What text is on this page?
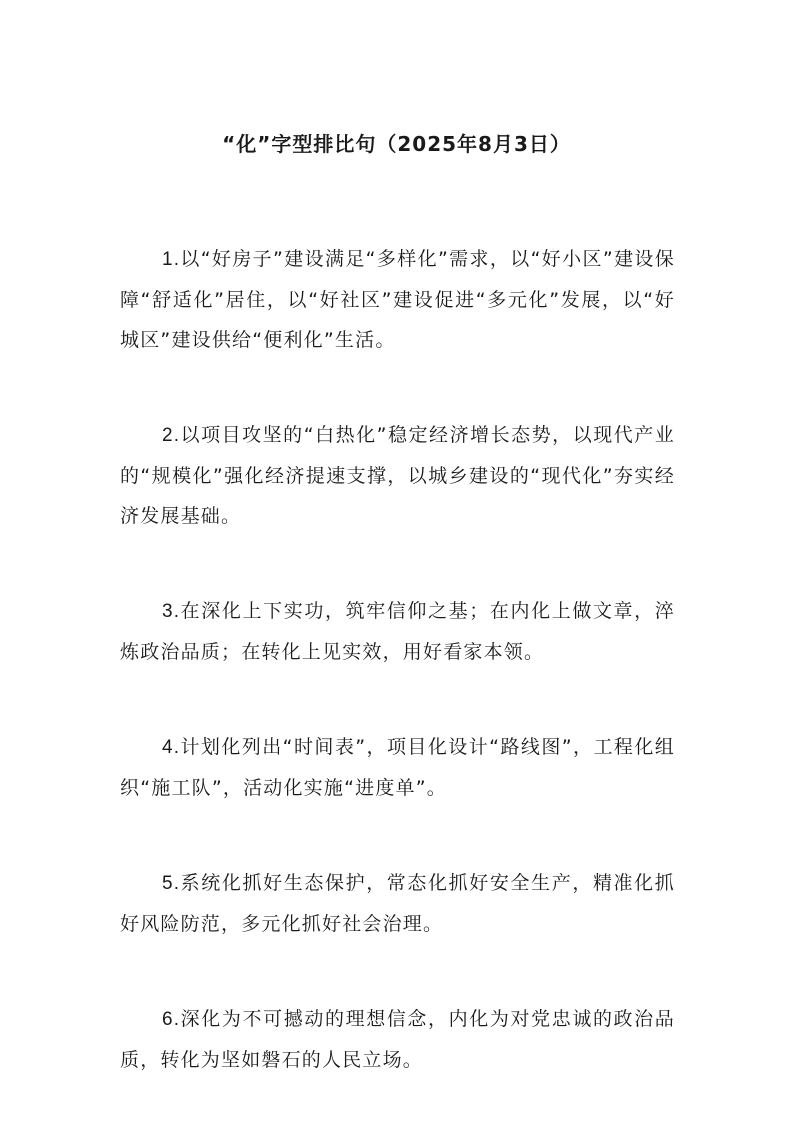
“化”字型排比句（2025年8月3日）

1.以“好房子”建设满足“多样化”需求，以“好小区”建设保障“舒适化”居住，以“好社区”建设促进“多元化”发展，以“好城区”建设供给“便利化”生活。

2.以项目攻坚的“白热化”稳定经济增长态势，以现代产业的“规模化”强化经济提速支撑，以城乡建设的“现代化”夯实经济发展基础。

3.在深化上下实功，筑牢信仰之基；在内化上做文章，淬炼政治品质；在转化上见实效，用好看家本领。

4.计划化列出“时间表”，项目化设计“路线图”，工程化组织“施工队”，活动化实施“进度单”。

5.系统化抓好生态保护，常态化抓好安全生产，精准化抓好风险防范，多元化抓好社会治理。

6.深化为不可撼动的理想信念，内化为对党忠诚的政治品质，转化为坚如磐石的人民立场。
